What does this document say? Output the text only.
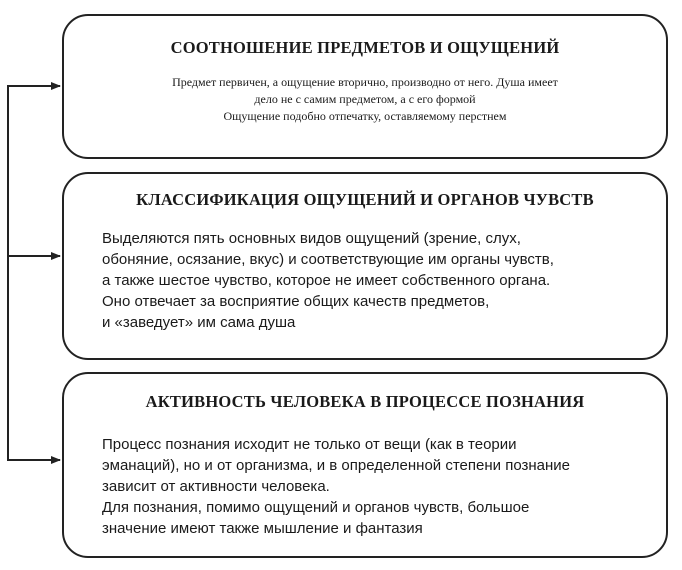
СООТНОШЕНИЕ ПРЕДМЕТОВ И ОЩУЩЕНИЙ

Предмет первичен, а ощущение вторично, производно от него. Душа имеет

дело не с самим предметом, а с его формой

Ощущение подобно отпечатку, оставляемому перстнем

КЛАССИФИКАЦИЯ ОЩУЩЕНИЙ И ОРГАНОВ ЧУВСТВ

Выделяются пять основных видов ощущений (зрение, слух,

обоняние, осязание, вкус) и соответствующие им органы чувств,

а также шестое чувство, которое не имеет собственного органа.

Оно отвечает за восприятие общих качеств предметов,

и «заведует» им сама душа

АКТИВНОСТЬ ЧЕЛОВЕКА В ПРОЦЕССЕ ПОЗНАНИЯ

Процесс познания исходит не только от вещи (как в теории

эманаций), но и от организма, и в определенной степени познание

зависит от активности человека.

Для познания, помимо ощущений и органов чувств, большое

значение имеют также мышление и фантазия
